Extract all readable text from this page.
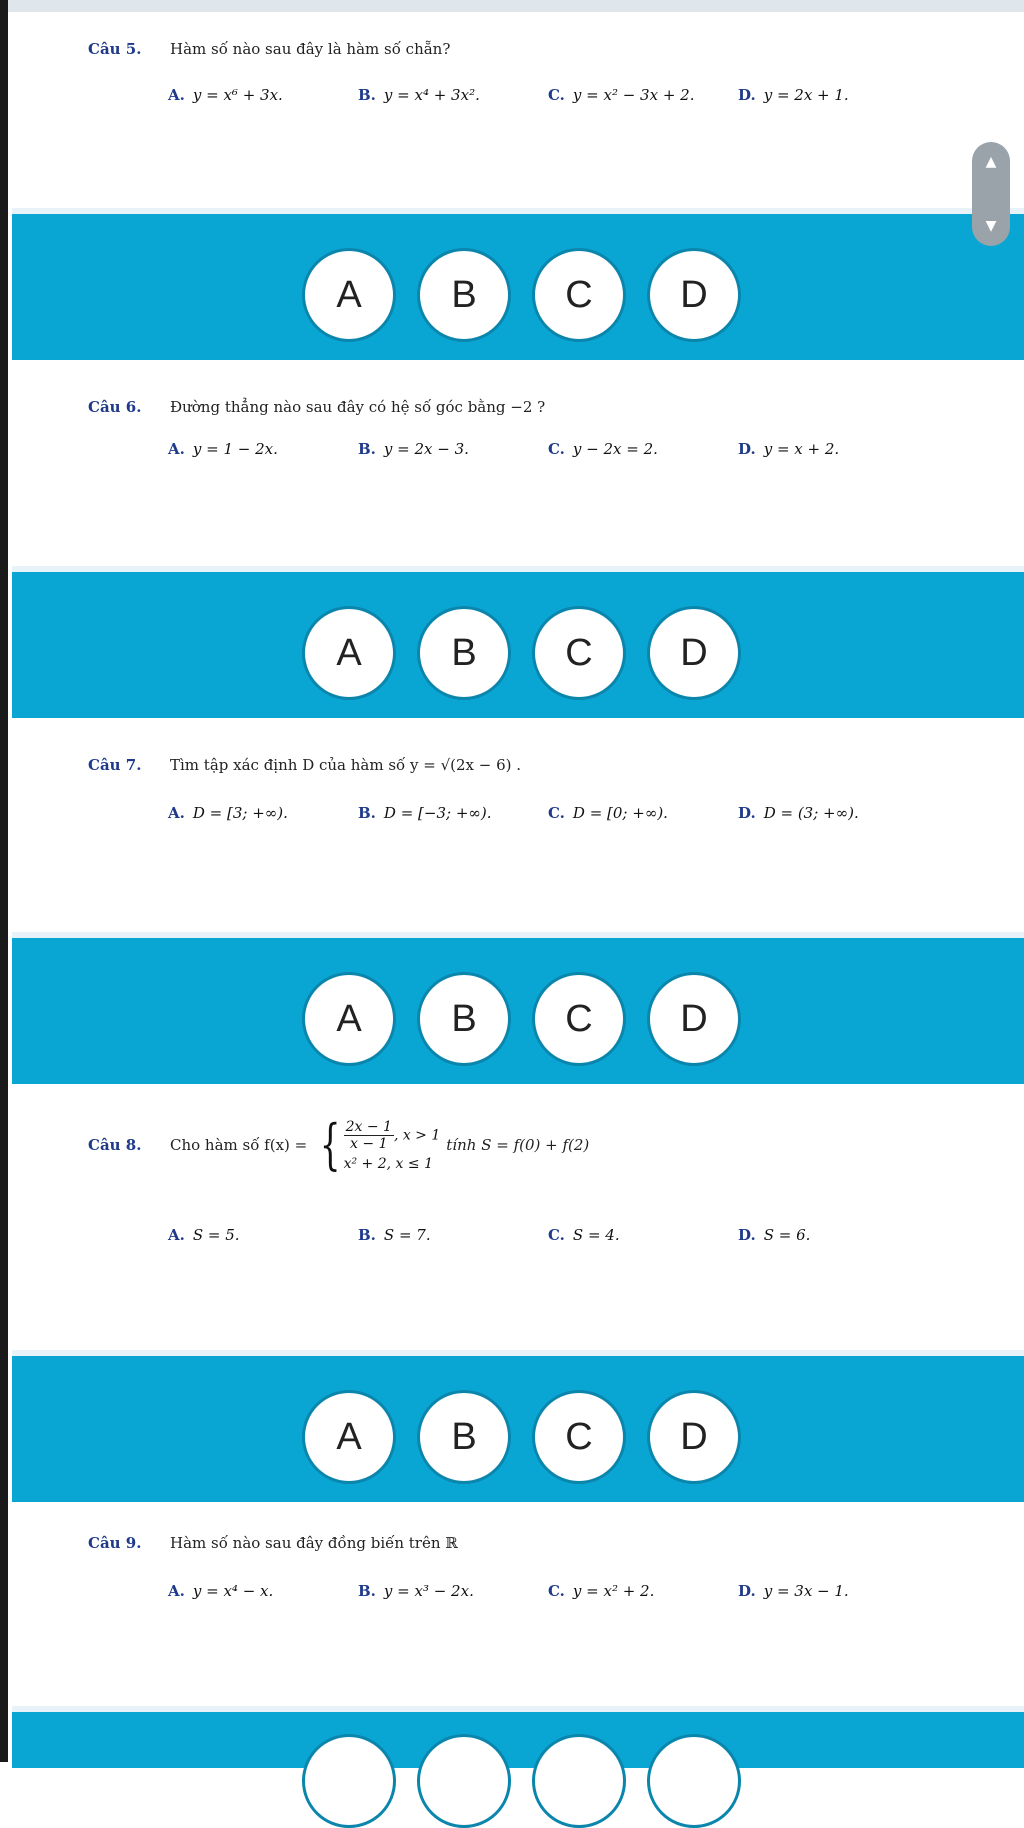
Câu 5.	Hàm số nào sau đây là hàm số chẵn?
A. y = x⁶ + 3x.	B. y = x⁴ + 3x².	C. y = x² − 3x + 2.	D. y = 2x + 1.
A	B	C	D
Câu 6.	Đường thẳng nào sau đây có hệ số góc bằng −2 ?
A. y = 1 − 2x.	B. y = 2x − 3.	C. y − 2x = 2.	D. y = x + 2.
A	B	C	D
Câu 7.	Tìm tập xác định D của hàm số y = √(2x − 6) .
A. D = [3; +∞).	B. D = [−3; +∞).	C. D = [0; +∞).	D. D = (3; +∞).
A	B	C	D
Câu 8.	Cho hàm số f(x) = { $\frac{2x - 1}{x - 1}$ , x > 1
x² + 2, x ≤ 1
tính S = f(0) + f(2)
A. S = 5.	B. S = 7.	C. S = 4.	D. S = 6.
A	B	C	D
Câu 9.	Hàm số nào sau đây đồng biến trên ℝ
A. y = x⁴ − x.	B. y = x³ − 2x.	C. y = x² + 2.	D. y = 3x − 1.
▲
▼
